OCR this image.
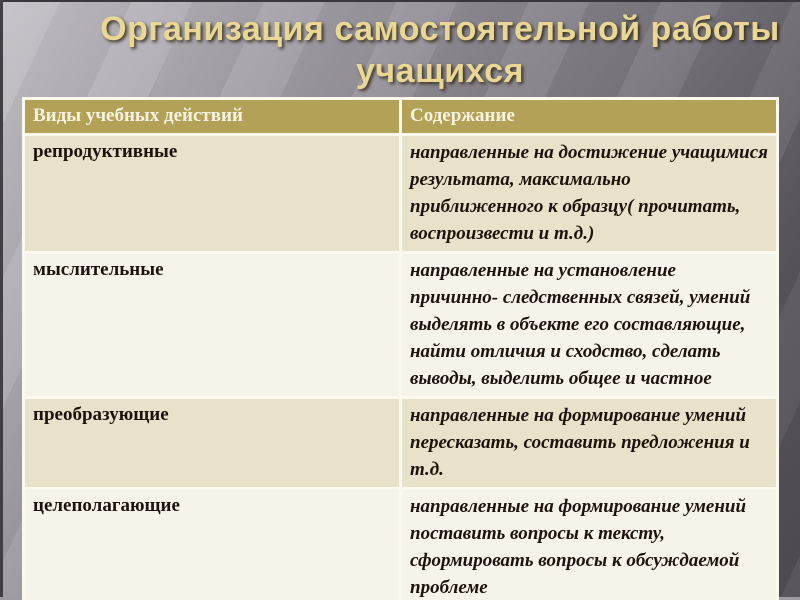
Организация самостоятельной работы учащихся
Виды учебных действий	Содержание
репродуктивные	направленные на достижение учащимися результата, максимально приближенного к образцу( прочитать, воспроизвести и т.д.)
мыслительные	направленные на установление причинно- следственных связей, умений выделять в объекте его составляющие, найти отличия и сходство, сделать выводы, выделить общее и частное
преобразующие	направленные на формирование умений пересказать, составить предложения и т.д.
целеполагающие	направленные на формирование умений поставить вопросы к тексту, сформировать вопросы к обсуждаемой проблеме
